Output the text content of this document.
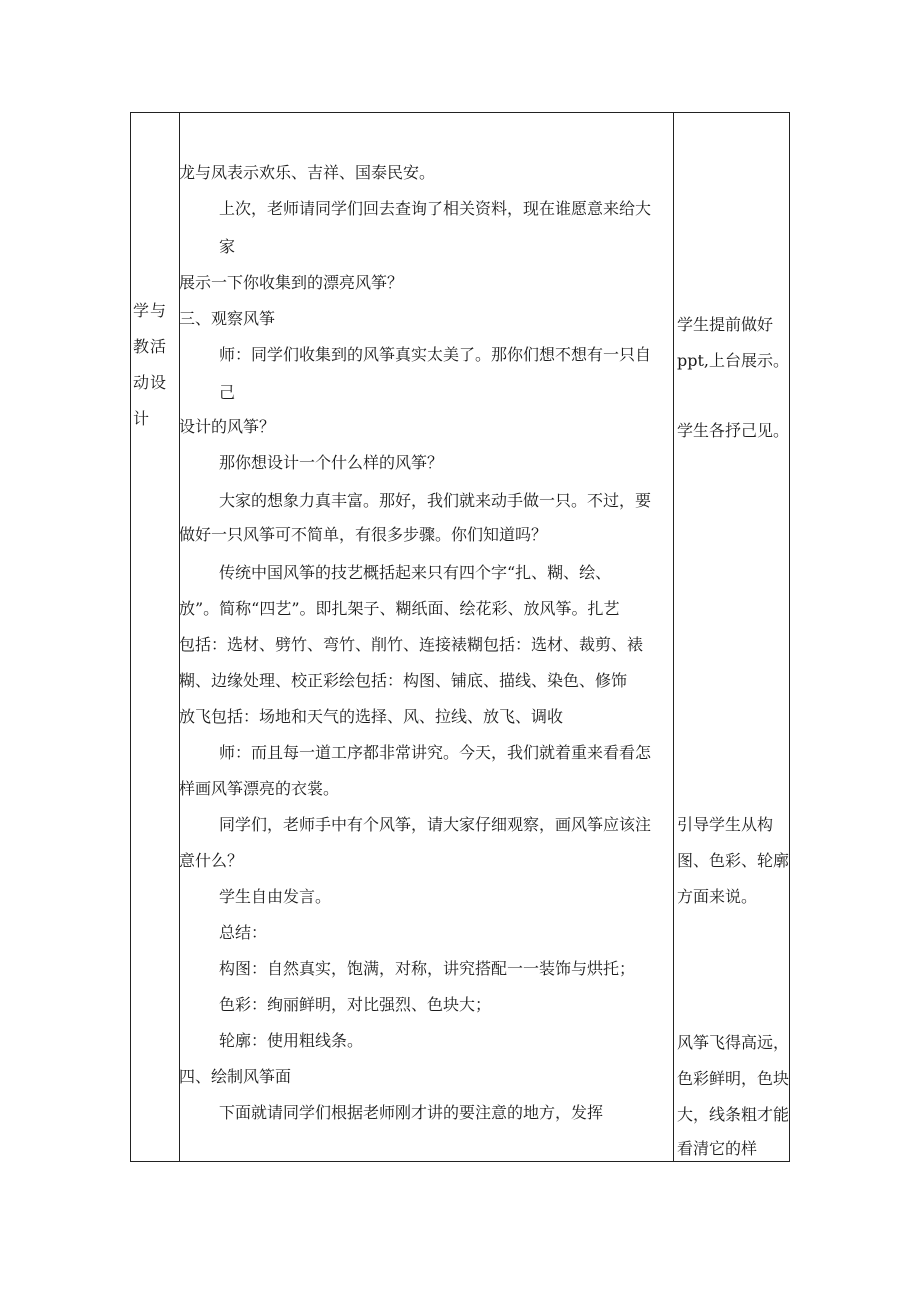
学与
教活
动设
计
龙与凤表示欢乐、吉祥、国泰民安。
上次，老师请同学们回去查询了相关资料，现在谁愿意来给大
家
展示一下你收集到的漂亮风筝？
三、观察风筝
师：同学们收集到的风筝真实太美了。那你们想不想有一只自
己
设计的风筝？
那你想设计一个什么样的风筝？
大家的想象力真丰富。那好，我们就来动手做一只。不过，要
做好一只风筝可不简单，有很多步骤。你们知道吗？
传统中国风筝的技艺概括起来只有四个字“扎、糊、绘、
放”。简称“四艺”。即扎架子、糊纸面、绘花彩、放风筝。扎艺
包括：选材、劈竹、弯竹、削竹、连接裱糊包括：选材、裁剪、裱
糊、边缘处理、校正彩绘包括：构图、铺底、描线、染色、修饰
放飞包括：场地和天气的选择、风、拉线、放飞、调收
师：而且每一道工序都非常讲究。今天，我们就着重来看看怎
样画风筝漂亮的衣裳。
同学们，老师手中有个风筝，请大家仔细观察，画风筝应该注
意什么？
学生自由发言。
总结：
构图：自然真实，饱满，对称，讲究搭配一一装饰与烘托；
色彩：绚丽鲜明，对比强烈、色块大；
轮廓：使用粗线条。
四、绘制风筝面
下面就请同学们根据老师刚才讲的要注意的地方，发挥
学生提前做好
ppt,上台展示。
学生各抒己见。
引导学生从构
图、色彩、轮廓
方面来说。
风筝飞得高远，
色彩鲜明，色块
大，线条粗才能
看清它的样
